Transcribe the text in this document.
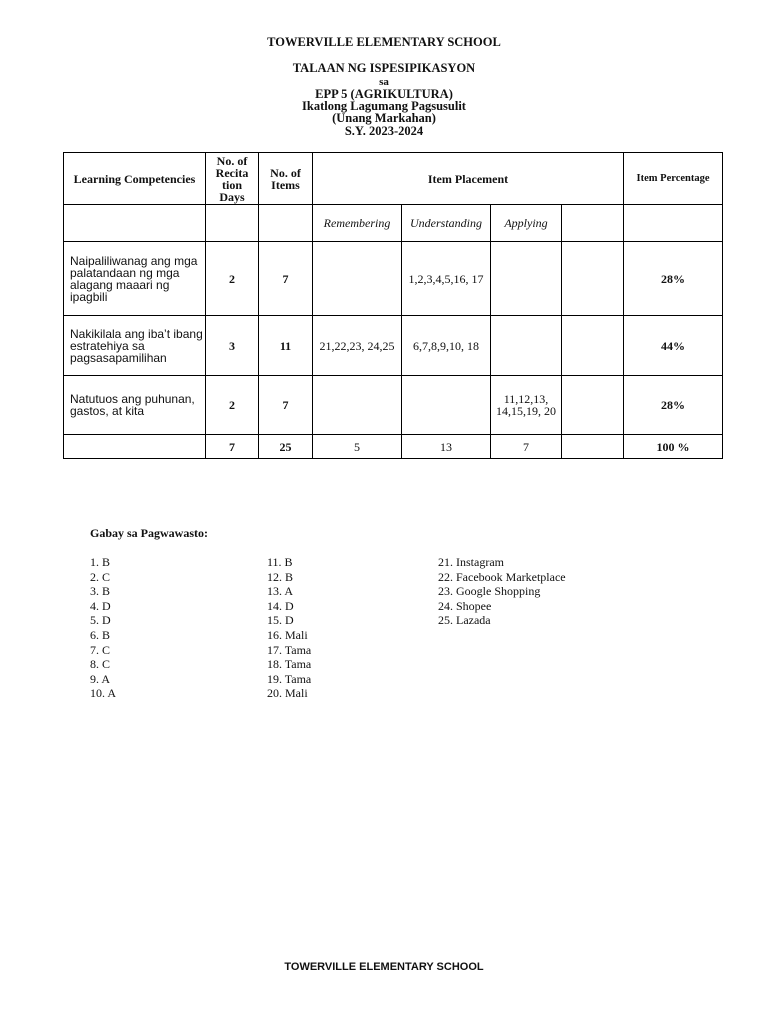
TOWERVILLE ELEMENTARY SCHOOL
TALAAN NG ISPESIPIKASYON
sa
EPP 5 (AGRIKULTURA)
Ikatlong Lagumang Pagsusulit
(Unang Markahan)
S.Y. 2023-2024
Learning Competencies	No. of Recita tion Days	No. of Items	Item Placement				Item Percentage
			Remembering	Understanding	Applying		
Naipaliliwanag ang mga palatandaan ng mga alagang maaari ng ipagbili	2	7		1,2,3,4,5,16, 17			28%
Nakikilala ang iba’t ibang estratehiya sa pagsasapamilihan	3	11	21,22,23, 24,25	6,7,8,9,10, 18			44%
Natutuos ang puhunan, gastos, at kita	2	7			11,12,13, 14,15,19, 20		28%
	7	25	5	13	7		100 %
Gabay sa Pagwawasto:
1. B
2. C
3. B
4. D
5. D
6. B
7. C
8. C
9. A
10. A
11. B
12. B
13. A
14. D
15. D
16. Mali
17. Tama
18. Tama
19. Tama
20. Mali
21. Instagram
22. Facebook Marketplace
23. Google Shopping
24. Shopee
25. Lazada
TOWERVILLE ELEMENTARY SCHOOL
